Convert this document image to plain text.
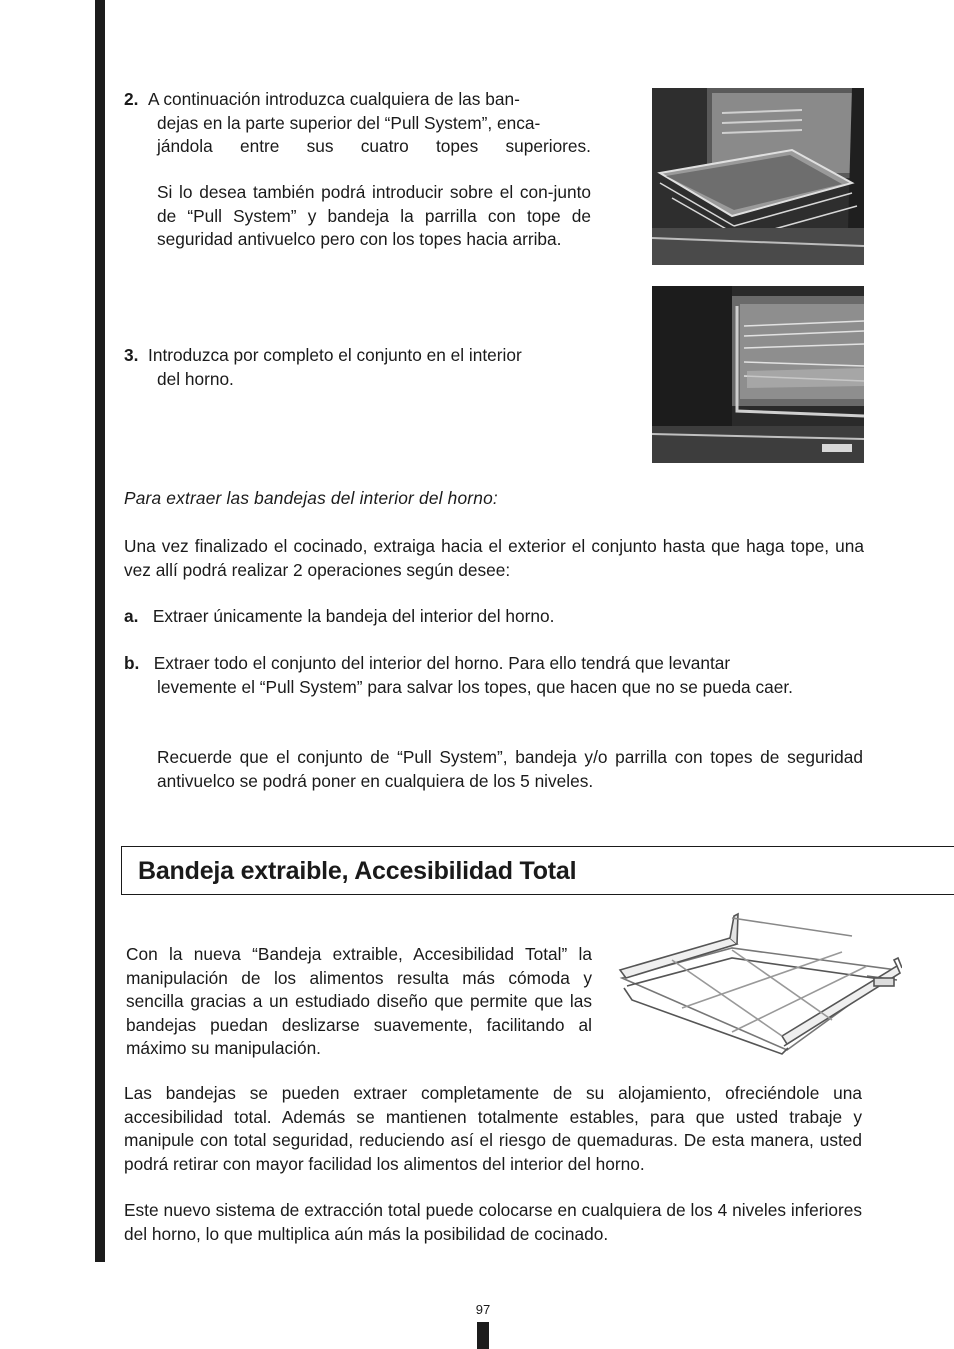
2. A continuación introduzca cualquiera de las ban-

dejas en la parte superior del “Pull System”, enca-

jándola entre sus cuatro topes superiores.

Si lo desea también podrá introducir sobre el con-junto de “Pull System” y bandeja la parrilla con tope de seguridad antivuelco pero con los topes hacia arriba.

3. Introduzca por completo el conjunto en el interior

del horno.

Para extraer las bandejas del interior del horno:

Una vez finalizado el cocinado, extraiga hacia el exterior el conjunto hasta que haga tope, una vez allí podrá realizar 2 operaciones según desee:

a. Extraer únicamente la bandeja del interior del horno.

b. Extraer todo el conjunto del interior del horno. Para ello tendrá que levantar

levemente el “Pull System” para salvar los topes, que hacen que no se pueda caer.

Recuerde que el conjunto de “Pull System”, bandeja y/o parrilla con topes de seguridad antivuelco se podrá poner en cualquiera de los 5 niveles.

Bandeja extraible, Accesibilidad Total

Con la nueva “Bandeja extraible, Accesibilidad Total” la manipulación de los alimentos resulta más cómoda y sencilla gracias a un estudiado diseño que permite que las bandejas puedan deslizarse suavemente, facilitando al máximo su manipulación.

Las bandejas se pueden extraer completamente de su alojamiento, ofreciéndole una accesibilidad total. Además se mantienen totalmente estables, para que usted trabaje y manipule con total seguridad, reduciendo así el riesgo de quemaduras. De esta manera, usted podrá retirar con mayor facilidad los alimentos del interior del horno.

Este nuevo sistema de extracción total puede colocarse en cualquiera de los 4 niveles inferiores del horno, lo que multiplica aún más la posibilidad de cocinado.

97
